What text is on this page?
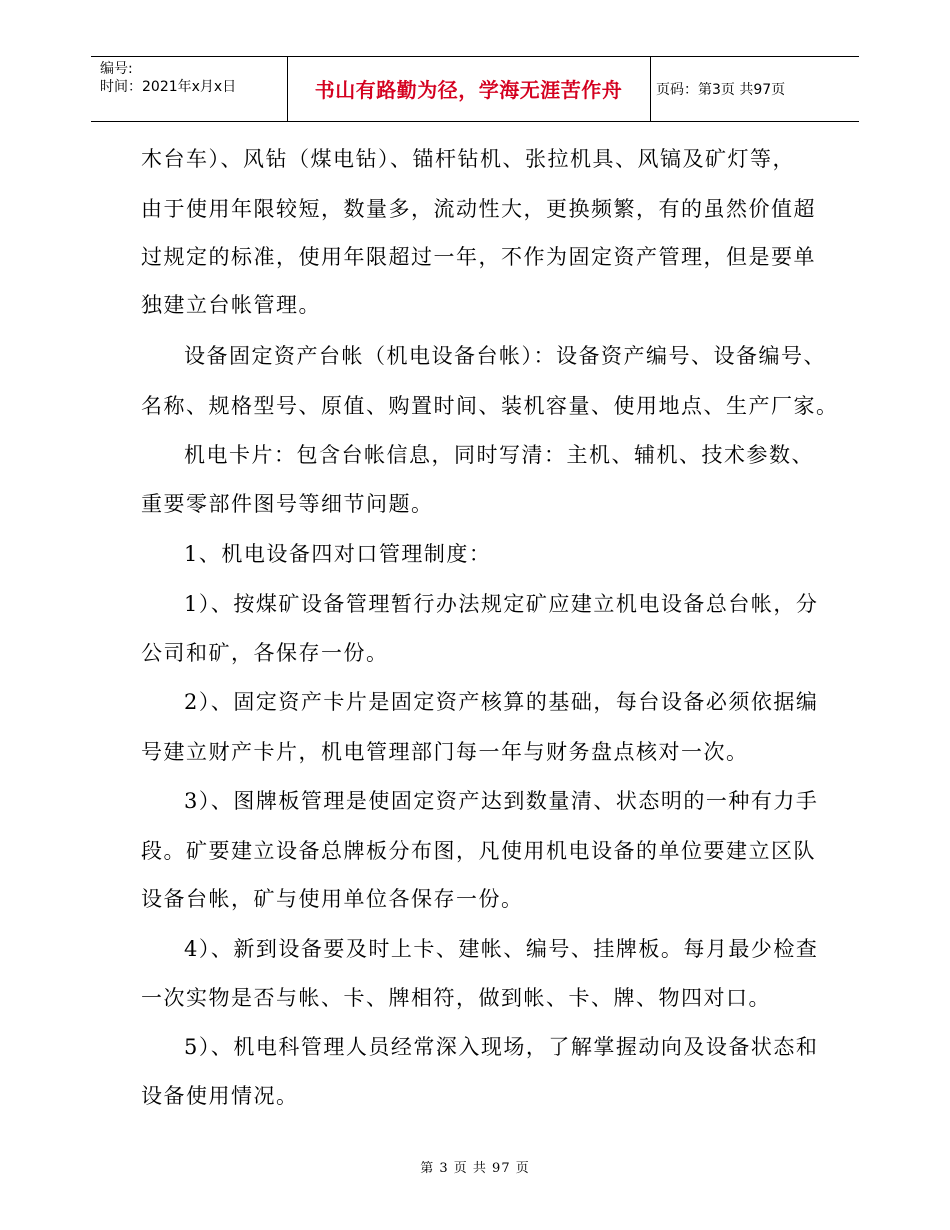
编号:
时间：2021年x月x日	书山有路勤为径，学海无涯苦作舟	页码：第3页 共97页
木台车）、风钻（煤电钻）、锚杆钻机、张拉机具、风镐及矿灯等，
由于使用年限较短，数量多，流动性大，更换频繁，有的虽然价值超
过规定的标准，使用年限超过一年，不作为固定资产管理，但是要单
独建立台帐管理。
设备固定资产台帐（机电设备台帐）：设备资产编号、设备编号、
名称、规格型号、原值、购置时间、装机容量、使用地点、生产厂家。
机电卡片：包含台帐信息，同时写清：主机、辅机、技术参数、
重要零部件图号等细节问题。
1、机电设备四对口管理制度：
1）、按煤矿设备管理暂行办法规定矿应建立机电设备总台帐，分
公司和矿，各保存一份。
2）、固定资产卡片是固定资产核算的基础，每台设备必须依据编
号建立财产卡片，机电管理部门每一年与财务盘点核对一次。
3）、图牌板管理是使固定资产达到数量清、状态明的一种有力手
段。矿要建立设备总牌板分布图，凡使用机电设备的单位要建立区队
设备台帐，矿与使用单位各保存一份。
4）、新到设备要及时上卡、建帐、编号、挂牌板。每月最少检查
一次实物是否与帐、卡、牌相符，做到帐、卡、牌、物四对口。
5）、机电科管理人员经常深入现场，了解掌握动向及设备状态和
设备使用情况。
第 3 页 共 97 页
